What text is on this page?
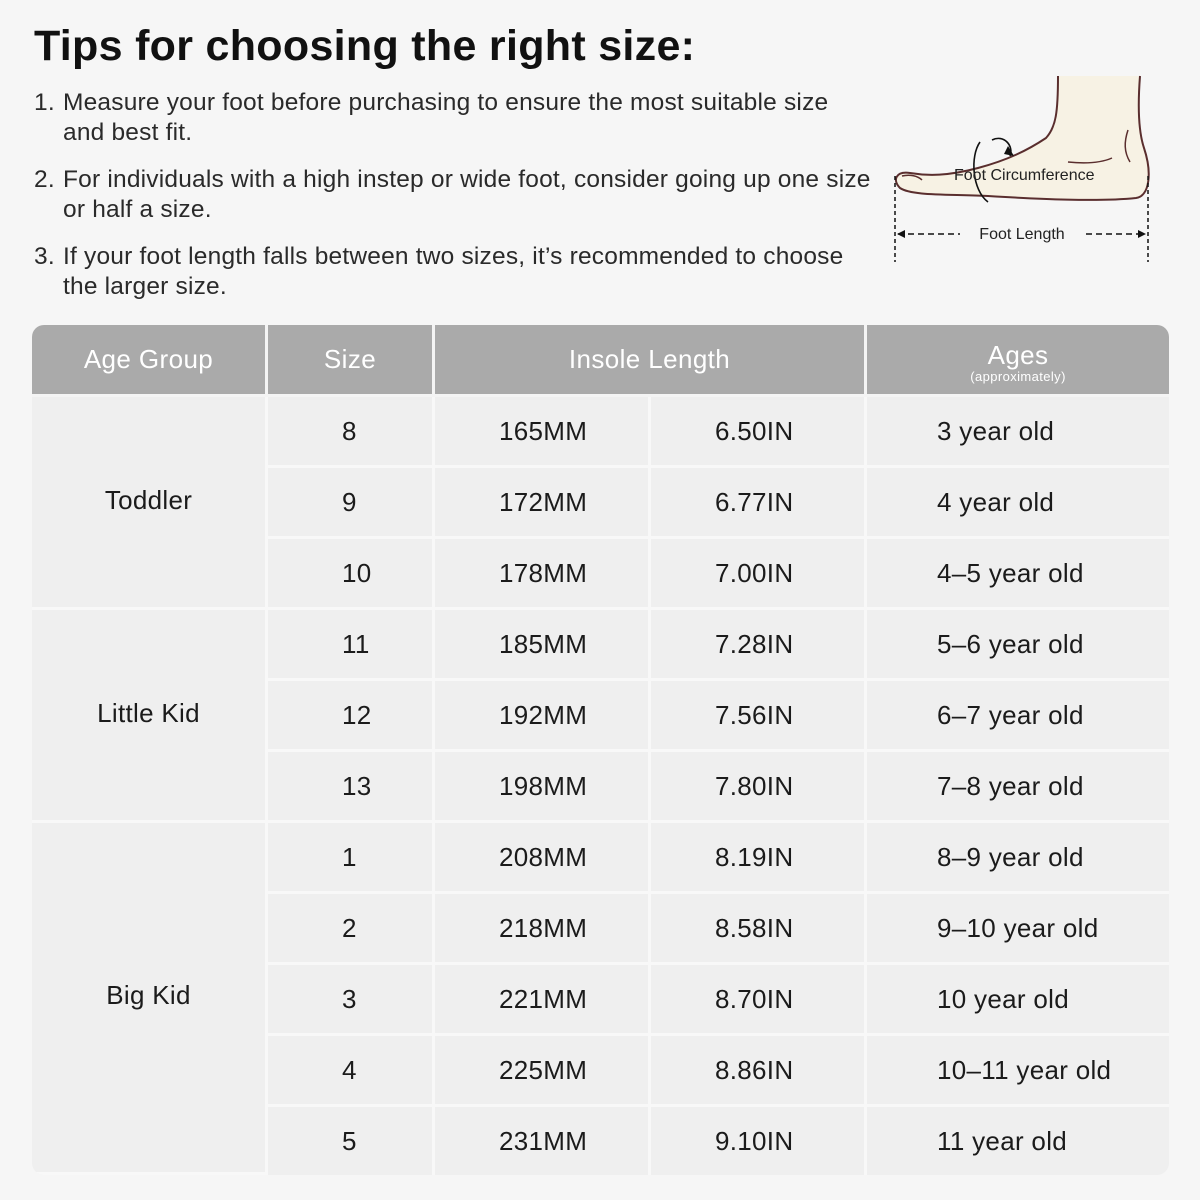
Tips for choosing the right size:
1. Measure your foot before purchasing to ensure the most suitable size and best fit.
2. For individuals with a high instep or wide foot, consider going up one size or half a size.
3. If your foot length falls between two sizes, it’s recommended to choose the larger size.
Foot Circumference
Foot Length
Age Group	Size	Insole Length		Ages
(approximately)

Toddler	8	165MM	6.50IN	3 year old
	9	172MM	6.77IN	4 year old
	10	178MM	7.00IN	4–5 year old
Little Kid	11	185MM	7.28IN	5–6 year old
	12	192MM	7.56IN	6–7 year old
	13	198MM	7.80IN	7–8 year old
Big Kid	1	208MM	8.19IN	8–9 year old
	2	218MM	8.58IN	9–10 year old
	3	221MM	8.70IN	10 year old
	4	225MM	8.86IN	10–11 year old
	5	231MM	9.10IN	11 year old
